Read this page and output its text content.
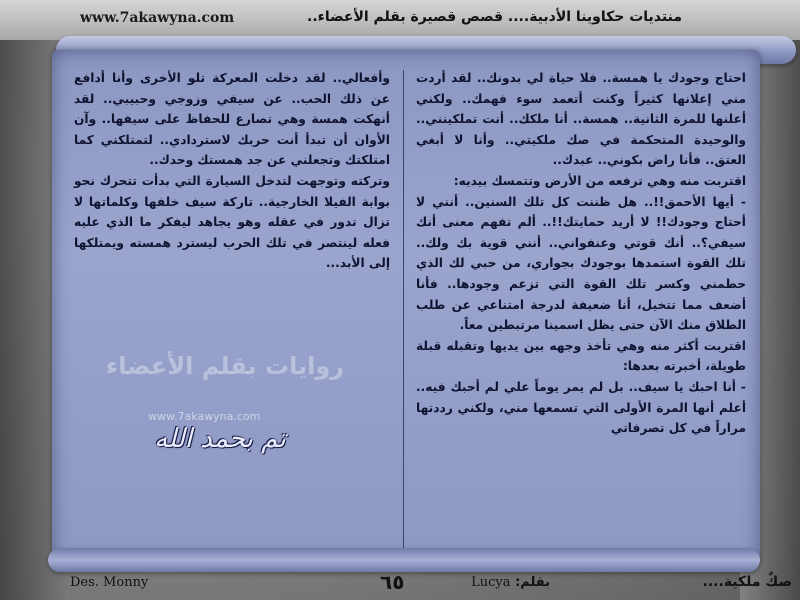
www.7akawyna.com	منتديات حكاوينا الأدبية.... قصص قصيرة بقلم الأعضاء..

احتاج وجودك يا همسة.. فلا حياة لي بدونك.. لقد أردت مني إعلانها كثيراً وكنت أتعمد سوء فهمك.. ولكني أعلنها للمرة الثانية.. همسة.. أنا ملكك.. أنت تملكينني.. والوحيدة المتحكمة في صك ملكيتي.. وأنا لا أبغي العتق.. فأنا راض بكوني.. عبدك..
اقتربت منه وهي ترفعه من الأرض وتتمسك بيديه:
- أيها الأحمق!!.. هل ظننت كل تلك السنين.. أنني لا أحتاج وجودك!! لا أريد حمايتك!!.. ألم تفهم معنى أنك سيفي؟.. أنك قوتي وعنفواني.. أنني قوية بك ولك.. تلك القوة استمدها بوجودك بجواري، من حبي لك الذي حطمني وكسر تلك القوة التي تزعم وجودها.. فأنا أضعف مما تتخيل، أنا ضعيفة لدرجة امتناعي عن طلب الطلاق منك الآن حتى يظل اسمينا مرتبطين معاً.
اقتربت أكثر منه وهي تأخذ وجهه بين يديها وتقبله قبلة طويلة، أخبرته بعدها:
- أنا احبك يا سيف.. بل لم يمر يوماً علي لم أحبك فيه.. أعلم أنها المرة الأولى التي تسمعها مني، ولكني رددتها مراراً في كل تصرفاتي

وأفعالي.. لقد دخلت المعركة تلو الأخرى وأنا أدافع عن ذلك الحب.. عن سيفي وزوجي وحبيبي.. لقد أنهكت همسة وهي تصارع للحفاظ على سيفها.. وآن الأوان أن تبدأ أنت حربك لاستردادي.. لتمتلكني كما امتلكتك وتجعلني عن جد همستك وحدك..
وتركته وتوجهت لتدخل السيارة التي بدأت تتحرك نحو بوابة الفيلا الخارجية.. تاركة سيف خلفها وكلماتها لا تزال تدور في عقله وهو يجاهد ليفكر ما الذي عليه فعله لينتصر في تلك الحرب ليسترد همسته ويمتلكها إلى الأبد...

روايات بقلم الأعضاء
www.7akawyna.com
تم بحمد الله
Des. Monny	٦٥	بقلم: Lucya	صكٌ ملكية....
